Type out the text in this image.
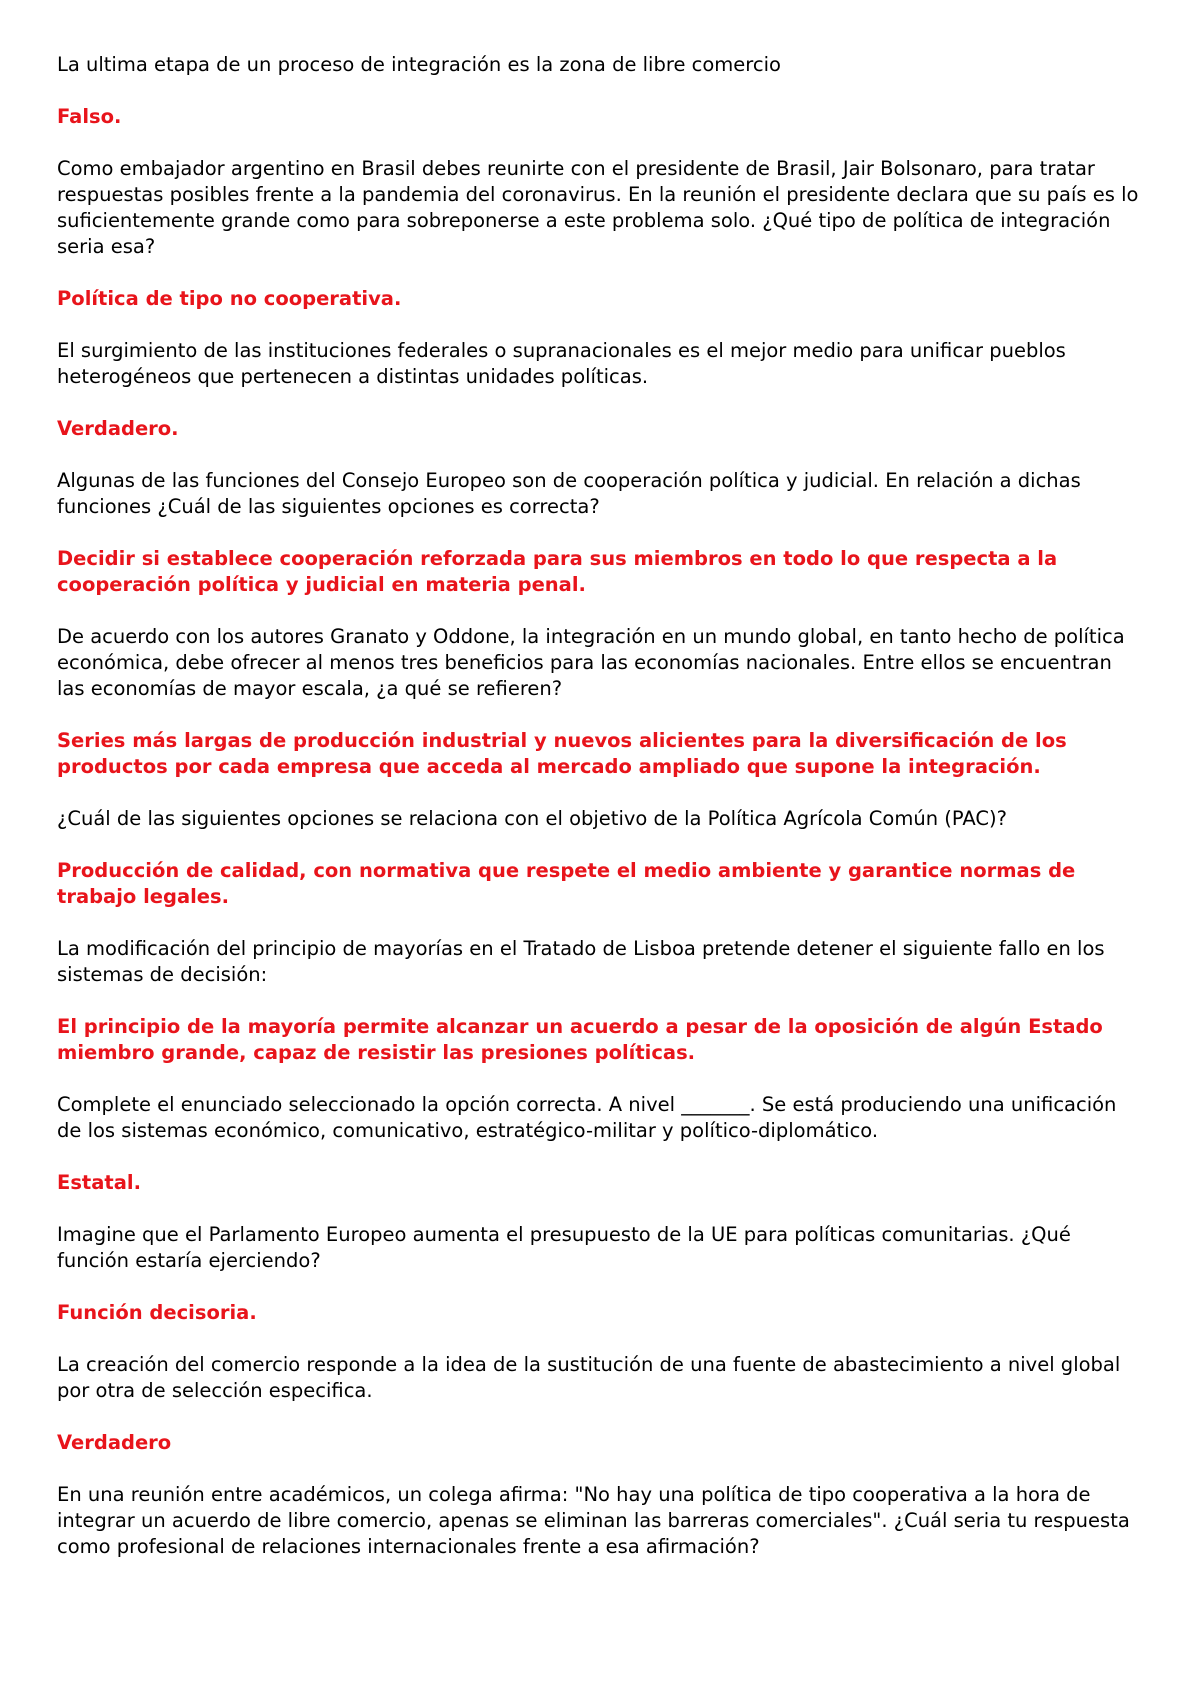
La ultima etapa de un proceso de integración es la zona de libre comercio

Falso.

Como embajador argentino en Brasil debes reunirte con el presidente de Brasil, Jair Bolsonaro, para tratar respuestas posibles frente a la pandemia del coronavirus. En la reunión el presidente declara que su país es lo suficientemente grande como para sobreponerse a este problema solo. ¿Qué tipo de política de integración seria esa?

Política de tipo no cooperativa.

El surgimiento de las instituciones federales o supranacionales es el mejor medio para unificar pueblos heterogéneos que pertenecen a distintas unidades políticas.

Verdadero.

Algunas de las funciones del Consejo Europeo son de cooperación política y judicial. En relación a dichas funciones ¿Cuál de las siguientes opciones es correcta?

Decidir si establece cooperación reforzada para sus miembros en todo lo que respecta a la cooperación política y judicial en materia penal.

De acuerdo con los autores Granato y Oddone, la integración en un mundo global, en tanto hecho de política económica, debe ofrecer al menos tres beneficios para las economías nacionales. Entre ellos se encuentran las economías de mayor escala, ¿a qué se refieren?

Series más largas de producción industrial y nuevos alicientes para la diversificación de los productos por cada empresa que acceda al mercado ampliado que supone la integración.

¿Cuál de las siguientes opciones se relaciona con el objetivo de la Política Agrícola Común (PAC)?

Producción de calidad, con normativa que respete el medio ambiente y garantice normas de trabajo legales.

La modificación del principio de mayorías en el Tratado de Lisboa pretende detener el siguiente fallo en los sistemas de decisión:

El principio de la mayoría permite alcanzar un acuerdo a pesar de la oposición de algún Estado miembro grande, capaz de resistir las presiones políticas.

Complete el enunciado seleccionado la opción correcta. A nivel _______. Se está produciendo una unificación de los sistemas económico, comunicativo, estratégico-militar y político-diplomático.

Estatal.

Imagine que el Parlamento Europeo aumenta el presupuesto de la UE para políticas comunitarias. ¿Qué función estaría ejerciendo?

Función decisoria.

La creación del comercio responde a la idea de la sustitución de una fuente de abastecimiento a nivel global por otra de selección especifica.

Verdadero

En una reunión entre académicos, un colega afirma: "No hay una política de tipo cooperativa a la hora de integrar un acuerdo de libre comercio, apenas se eliminan las barreras comerciales". ¿Cuál seria tu respuesta como profesional de relaciones internacionales frente a esa afirmación?
